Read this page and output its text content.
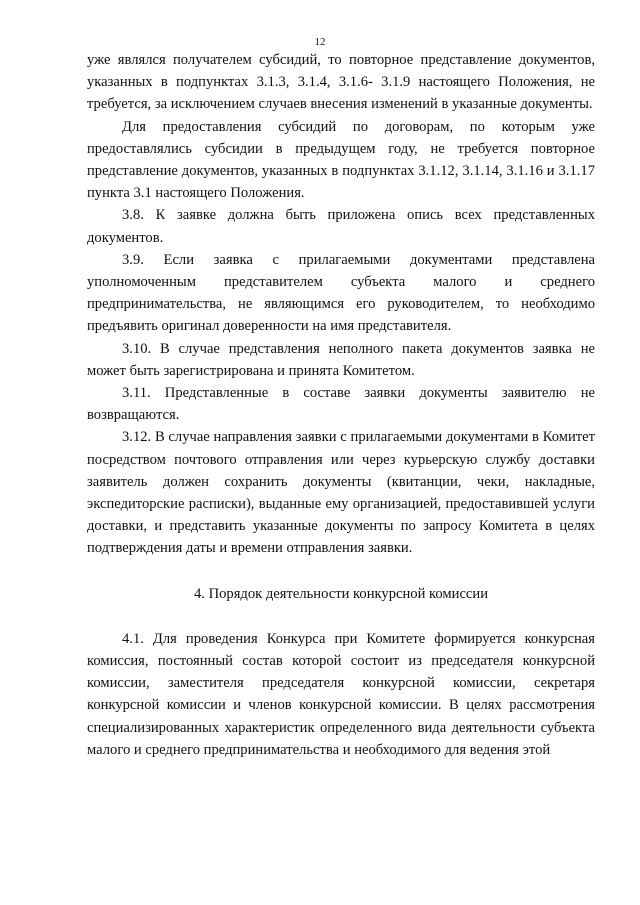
12

уже являлся получателем субсидий, то повторное представление документов, указанных в подпунктах 3.1.3, 3.1.4, 3.1.6- 3.1.9 настоящего Положения, не требуется, за исключением случаев внесения изменений в указанные документы.

Для предоставления субсидий по договорам, по которым уже предоставлялись субсидии в предыдущем году, не требуется повторное представление документов, указанных в подпунктах 3.1.12, 3.1.14, 3.1.16 и 3.1.17 пункта 3.1 настоящего Положения.

3.8. К заявке должна быть приложена опись всех представленных документов.

3.9. Если заявка с прилагаемыми документами представлена уполномоченным представителем субъекта малого и среднего предпринимательства, не являющимся его руководителем, то необходимо предъявить оригинал доверенности на имя представителя.

3.10. В случае представления неполного пакета документов заявка не может быть зарегистрирована и принята Комитетом.

3.11. Представленные в составе заявки документы заявителю не возвращаются.

3.12. В случае направления заявки с прилагаемыми документами в Комитет посредством почтового отправления или через курьерскую службу доставки заявитель должен сохранить документы (квитанции, чеки, накладные, экспедиторские расписки), выданные ему организацией, предоставившей услуги доставки, и представить указанные документы по запросу Комитета в целях подтверждения даты и времени отправления заявки.

4. Порядок деятельности конкурсной комиссии

4.1. Для проведения Конкурса при Комитете формируется конкурсная комиссия, постоянный состав которой состоит из председателя конкурсной комиссии, заместителя председателя конкурсной комиссии, секретаря конкурсной комиссии и членов конкурсной комиссии. В целях рассмотрения специализированных характеристик определенного вида деятельности субъекта малого и среднего предпринимательства и необходимого для ведения этой
